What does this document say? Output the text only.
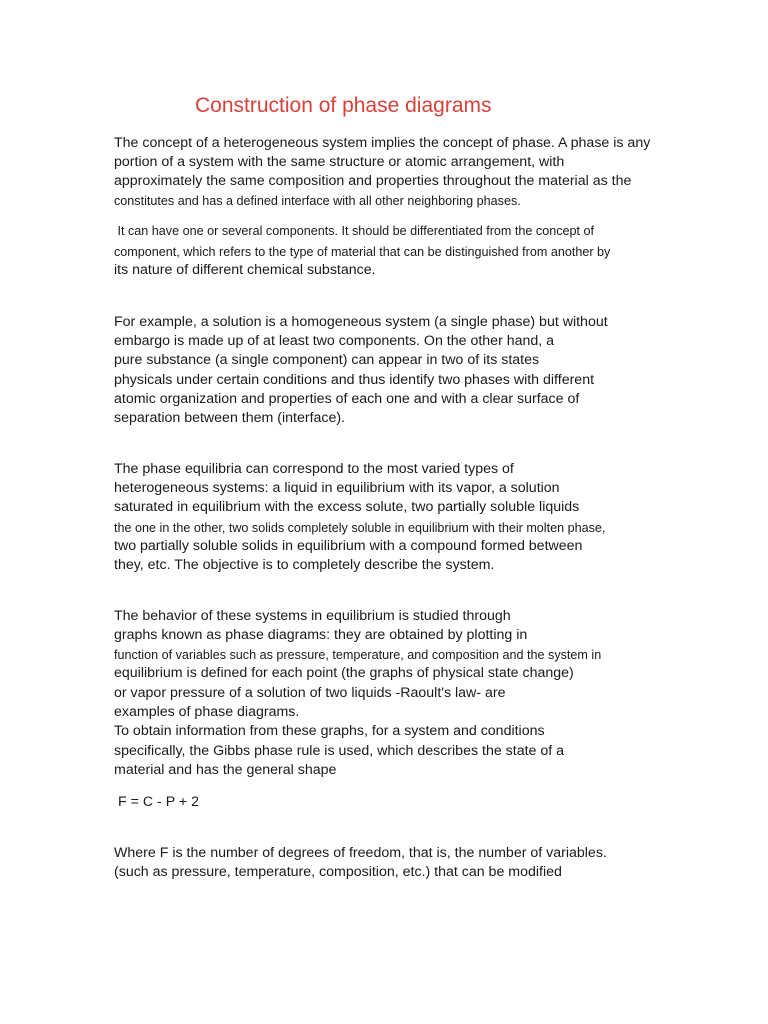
Construction of phase diagrams
The concept of a heterogeneous system implies the concept of phase. A phase is any
portion of a system with the same structure or atomic arrangement, with
approximately the same composition and properties throughout the material as the
constitutes and has a defined interface with all other neighboring phases.
It can have one or several components. It should be differentiated from the concept of
component, which refers to the type of material that can be distinguished from another by
its nature of different chemical substance.
For example, a solution is a homogeneous system (a single phase) but without
embargo is made up of at least two components. On the other hand, a
pure substance (a single component) can appear in two of its states
physicals under certain conditions and thus identify two phases with different
atomic organization and properties of each one and with a clear surface of
separation between them (interface).
The phase equilibria can correspond to the most varied types of
heterogeneous systems: a liquid in equilibrium with its vapor, a solution
saturated in equilibrium with the excess solute, two partially soluble liquids
the one in the other, two solids completely soluble in equilibrium with their molten phase,
two partially soluble solids in equilibrium with a compound formed between
they, etc. The objective is to completely describe the system.
The behavior of these systems in equilibrium is studied through
graphs known as phase diagrams: they are obtained by plotting in
function of variables such as pressure, temperature, and composition and the system in
equilibrium is defined for each point (the graphs of physical state change)
or vapor pressure of a solution of two liquids -Raoult's law- are
examples of phase diagrams.
To obtain information from these graphs, for a system and conditions
specifically, the Gibbs phase rule is used, which describes the state of a
material and has the general shape
F = C - P + 2
Where F is the number of degrees of freedom, that is, the number of variables.
(such as pressure, temperature, composition, etc.) that can be modified
